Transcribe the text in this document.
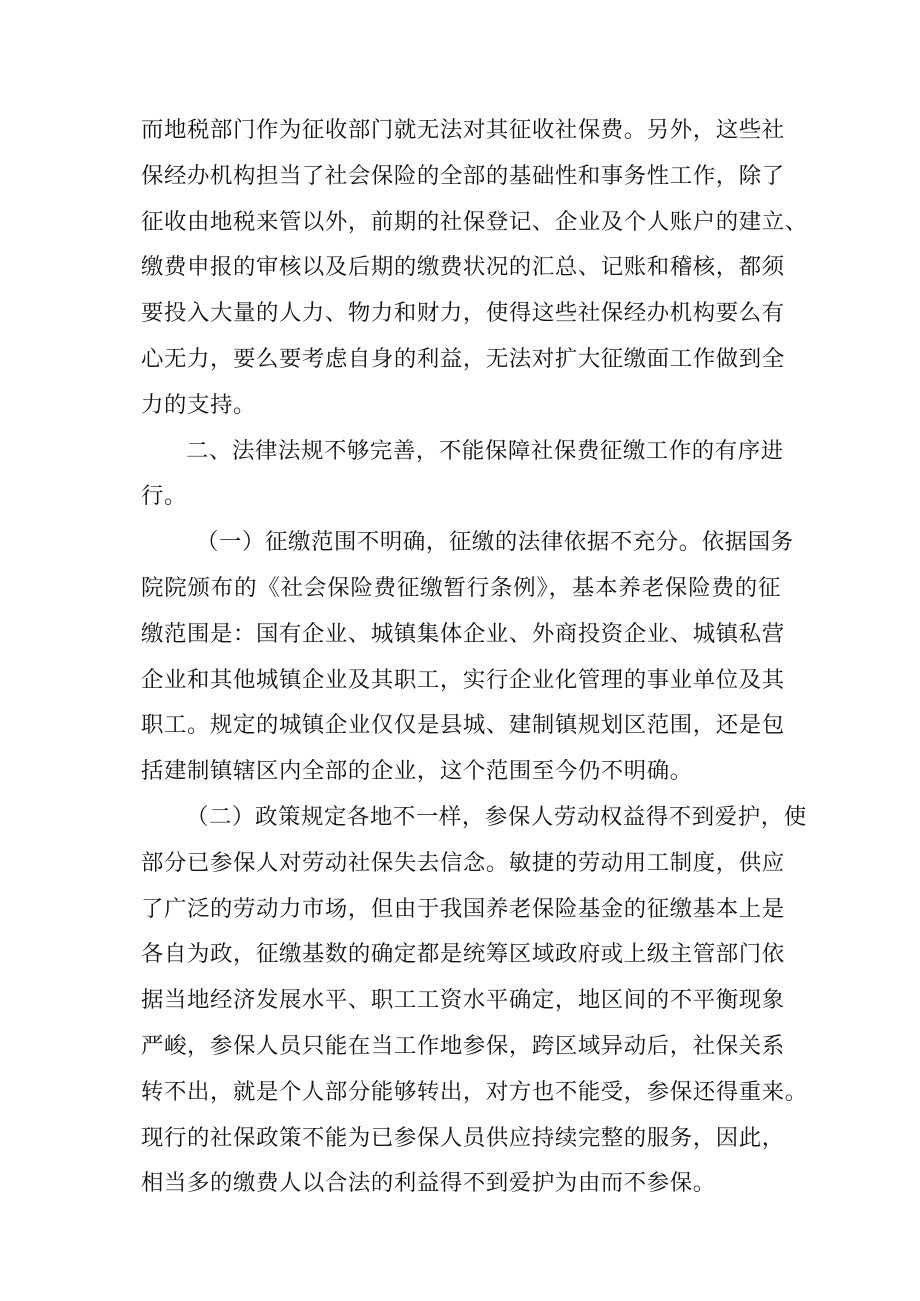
而地税部门作为征收部门就无法对其征收社保费。另外，这些社
保经办机构担当了社会保险的全部的基础性和事务性工作，除了
征收由地税来管以外，前期的社保登记、企业及个人账户的建立、
缴费申报的审核以及后期的缴费状况的汇总、记账和稽核，都须
要投入大量的人力、物力和财力，使得这些社保经办机构要么有
心无力，要么要考虑自身的利益，无法对扩大征缴面工作做到全
力的支持。
二、法律法规不够完善，不能保障社保费征缴工作的有序进
行。
（一）征缴范围不明确，征缴的法律依据不充分。依据国务
院院颁布的《社会保险费征缴暂行条例》，基本养老保险费的征
缴范围是：国有企业、城镇集体企业、外商投资企业、城镇私营
企业和其他城镇企业及其职工，实行企业化管理的事业单位及其
职工。规定的城镇企业仅仅是县城、建制镇规划区范围，还是包
括建制镇辖区内全部的企业，这个范围至今仍不明确。
（二）政策规定各地不一样，参保人劳动权益得不到爱护，使
部分已参保人对劳动社保失去信念。敏捷的劳动用工制度，供应
了广泛的劳动力市场，但由于我国养老保险基金的征缴基本上是
各自为政，征缴基数的确定都是统筹区域政府或上级主管部门依
据当地经济发展水平、职工工资水平确定，地区间的不平衡现象
严峻，参保人员只能在当工作地参保，跨区域异动后，社保关系
转不出，就是个人部分能够转出，对方也不能受，参保还得重来。
现行的社保政策不能为已参保人员供应持续完整的服务，因此，
相当多的缴费人以合法的利益得不到爱护为由而不参保。
